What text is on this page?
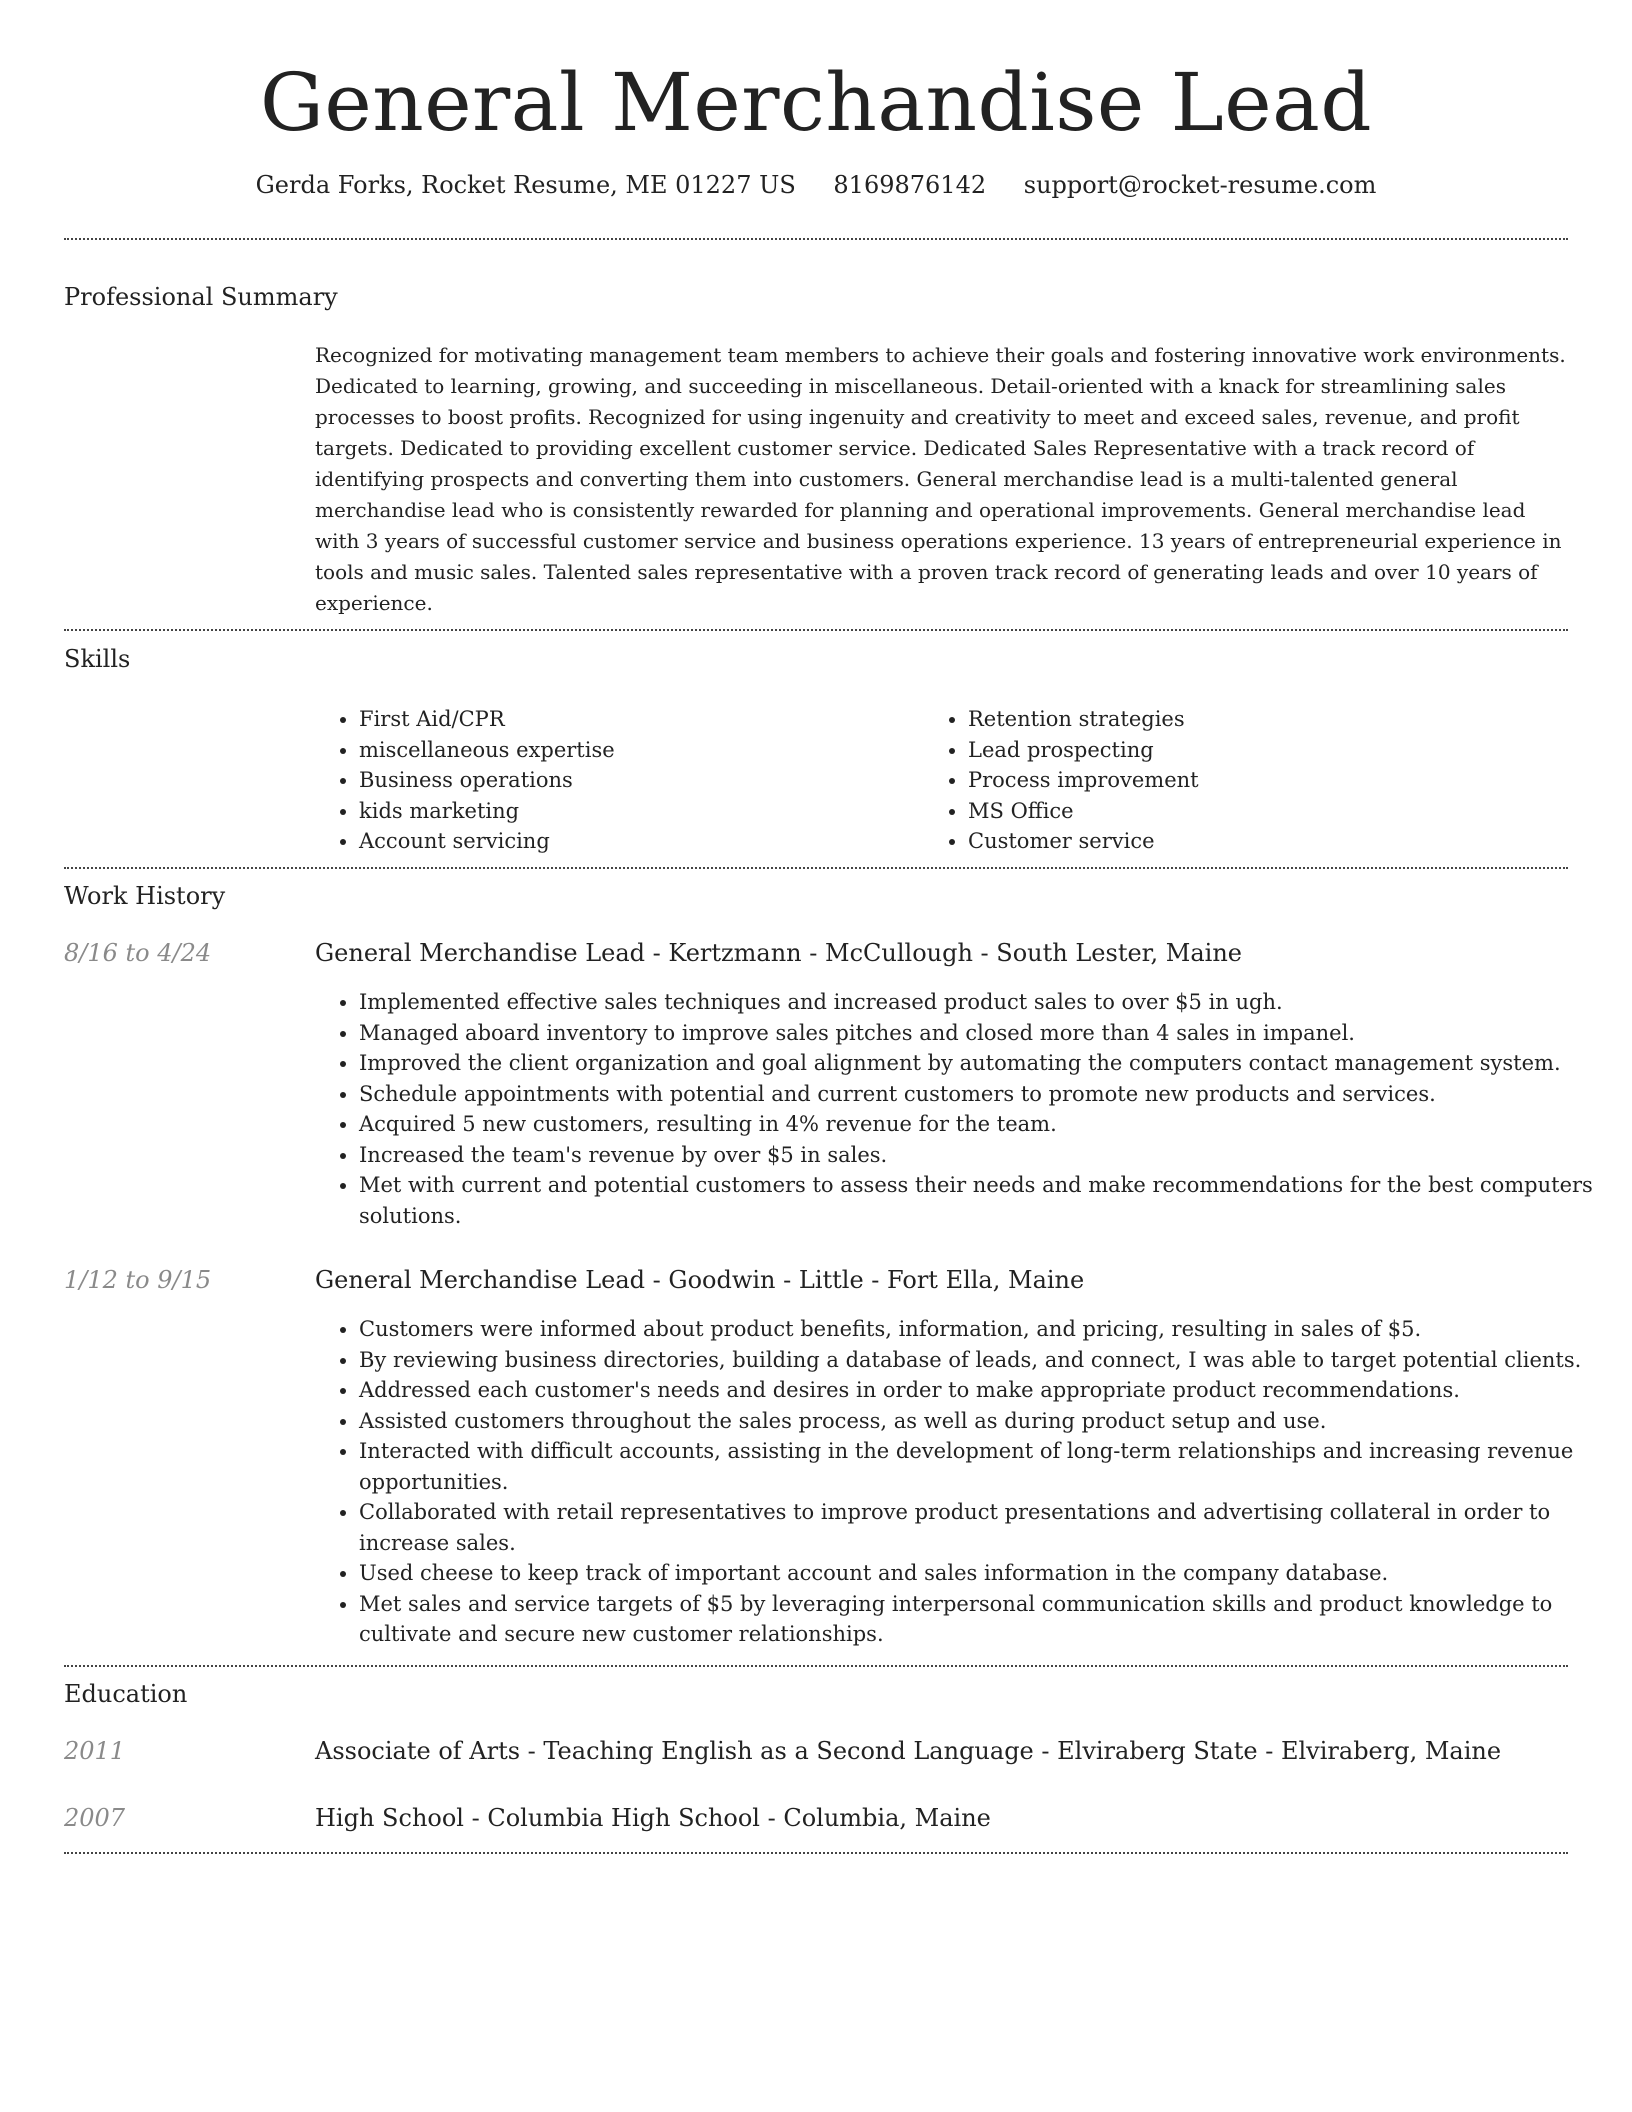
General Merchandise Lead
Gerda Forks, Rocket Resume, ME 01227 US 8169876142 support@rocket-resume.com
Professional Summary
Recognized for motivating management team members to achieve their goals and fostering innovative work environments. Dedicated to learning, growing, and succeeding in miscellaneous. Detail-oriented with a knack for streamlining sales processes to boost profits. Recognized for using ingenuity and creativity to meet and exceed sales, revenue, and profit targets. Dedicated to providing excellent customer service. Dedicated Sales Representative with a track record of identifying prospects and converting them into customers. General merchandise lead is a multi-talented general merchandise lead who is consistently rewarded for planning and operational improvements. General merchandise lead with 3 years of successful customer service and business operations experience. 13 years of entrepreneurial experience in tools and music sales. Talented sales representative with a proven track record of generating leads and over 10 years of experience.
Skills
• First Aid/CPR
• miscellaneous expertise
• Business operations
• kids marketing
• Account servicing
• Retention strategies
• Lead prospecting
• Process improvement
• MS Office
• Customer service
Work History
8/16 to 4/24	General Merchandise Lead - Kertzmann - McCullough - South Lester, Maine
• Implemented effective sales techniques and increased product sales to over $5 in ugh.
• Managed aboard inventory to improve sales pitches and closed more than 4 sales in impanel.
• Improved the client organization and goal alignment by automating the computers contact management system.
• Schedule appointments with potential and current customers to promote new products and services.
• Acquired 5 new customers, resulting in 4% revenue for the team.
• Increased the team's revenue by over $5 in sales.
• Met with current and potential customers to assess their needs and make recommendations for the best computers solutions.
1/12 to 9/15	General Merchandise Lead - Goodwin - Little - Fort Ella, Maine
• Customers were informed about product benefits, information, and pricing, resulting in sales of $5.
• By reviewing business directories, building a database of leads, and connect, I was able to target potential clients.
• Addressed each customer's needs and desires in order to make appropriate product recommendations.
• Assisted customers throughout the sales process, as well as during product setup and use.
• Interacted with difficult accounts, assisting in the development of long-term relationships and increasing revenue opportunities.
• Collaborated with retail representatives to improve product presentations and advertising collateral in order to increase sales.
• Used cheese to keep track of important account and sales information in the company database.
• Met sales and service targets of $5 by leveraging interpersonal communication skills and product knowledge to cultivate and secure new customer relationships.
Education
2011	Associate of Arts - Teaching English as a Second Language - Elviraberg State - Elviraberg, Maine
2007	High School - Columbia High School - Columbia, Maine
